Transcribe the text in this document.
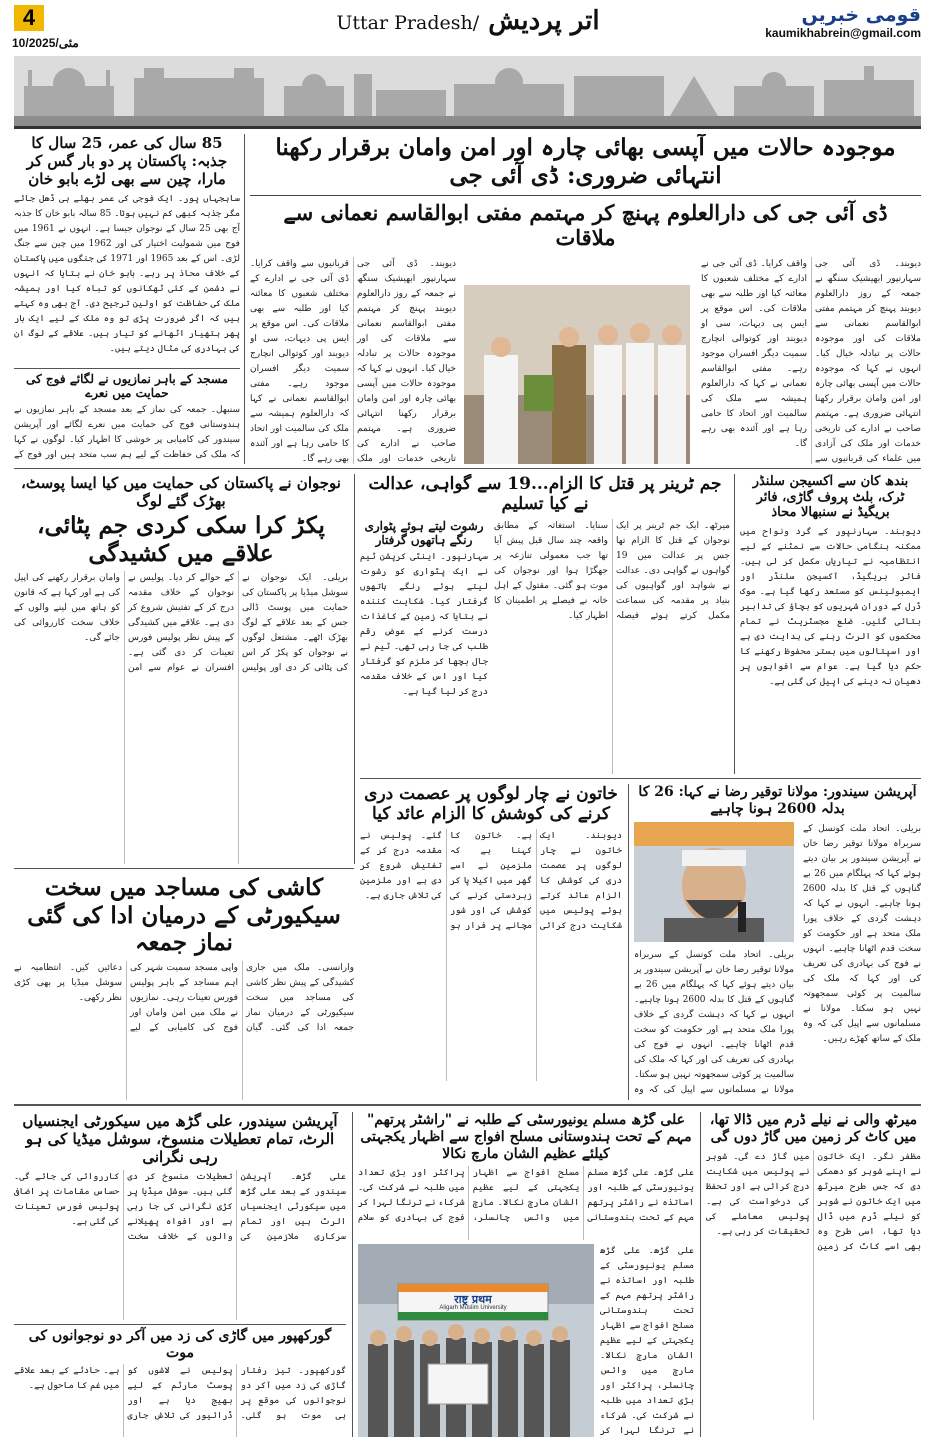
4
10/مئی/2025
Uttar Pradesh/ اتر پردیش	قومی خبریں
kaumikhabrein@gmail.com
موجودہ حالات میں آپسی بھائی چارہ اور امن وامان برقرار رکھنا انتہائی ضروری: ڈی آئی جی
ڈی آئی جی کی دارالعلوم پہنچ کر مہتمم مفتی ابوالقاسم نعمانی سے ملاقات
دیوبند۔ ڈی آئی جی سہارنپور ابھیشیک سنگھ نے جمعہ کے روز دارالعلوم دیوبند پہنچ کر مہتمم مفتی ابوالقاسم نعمانی سے ملاقات کی اور موجودہ حالات پر تبادلہ خیال کیا۔ انہوں نے کہا کہ موجودہ حالات میں آپسی بھائی چارہ اور امن وامان برقرار رکھنا انتہائی ضروری ہے۔ مہتمم صاحب نے ادارے کی تاریخی خدمات اور ملک کی آزادی میں علماء کی قربانیوں سے واقف کرایا۔ ڈی آئی جی نے ادارے کے مختلف شعبوں کا معائنہ کیا اور طلبہ سے بھی ملاقات کی۔ اس موقع پر ایس پی دیہات، سی او دیوبند اور کوتوالی انچارج سمیت دیگر افسران موجود رہے۔ مفتی ابوالقاسم نعمانی نے کہا کہ دارالعلوم ہمیشہ سے ملک کی سالمیت اور اتحاد کا حامی رہا ہے اور آئندہ بھی رہے گا۔
دیوبند۔ ڈی آئی جی سہارنپور ابھیشیک سنگھ نے جمعہ کے روز دارالعلوم دیوبند پہنچ کر مہتمم مفتی ابوالقاسم نعمانی سے ملاقات کی اور موجودہ حالات پر تبادلہ خیال کیا۔ انہوں نے کہا کہ موجودہ حالات میں آپسی بھائی چارہ اور امن وامان برقرار رکھنا انتہائی ضروری ہے۔ مہتمم صاحب نے ادارے کی تاریخی خدمات اور ملک قربانیوں سے واقف کرایا۔ ڈی آئی جی نے ادارے کے مختلف شعبوں کا معائنہ کیا اور طلبہ سے بھی ملاقات کی۔ اس موقع پر ایس پی دیہات، سی او دیوبند اور کوتوالی انچارج سمیت دیگر افسران موجود رہے۔ مفتی ابوالقاسم نعمانی نے کہا کہ دارالعلوم ہمیشہ سے ملک کی سالمیت اور اتحاد کا حامی رہا ہے اور آئندہ بھی رہے گا۔
85 سال کی عمر، 25 سال کا جذبہ: پاکستان پر دو بار گس کر مارا، چین سے بھی لڑے بابو خان
ساہجہاں پور۔ ایک فوجی کی عمر بھلے ہی ڈھل جائے مگر جذبہ کبھی کم نہیں ہوتا۔ 85 سالہ بابو خان کا جذبہ آج بھی 25 سال کے نوجوان جیسا ہے۔ انہوں نے 1961 میں فوج میں شمولیت اختیار کی اور 1962 میں چین سے جنگ لڑی۔ اس کے بعد 1965 اور 1971 کی جنگوں میں پاکستان کے خلاف محاذ پر رہے۔ بابو خان نے بتایا کہ انہوں نے دشمن کے کئی ٹھکانوں کو تباہ کیا اور ہمیشہ ملک کی حفاظت کو اولین ترجیح دی۔ آج بھی وہ کہتے ہیں کہ اگر ضرورت پڑی تو وہ ملک کے لیے ایک بار پھر ہتھیار اٹھانے کو تیار ہیں۔ علاقے کے لوگ ان کی بہادری کی مثال دیتے ہیں۔
مسجد کے باہر نمازیوں نے لگائے فوج کی حمایت میں نعرے
سنبھل۔ جمعہ کی نماز کے بعد مسجد کے باہر نمازیوں نے ہندوستانی فوج کی حمایت میں نعرے لگائے اور آپریشن سیندور کی کامیابی پر خوشی کا اظہار کیا۔ لوگوں نے کہا کہ ملک کی حفاظت کے لیے ہم سب متحد ہیں اور فوج کے
بندھ کان سے آکسیجن سلنڈر ٹرک، بلٹ پروف گاڑی، فائر بریگیڈ نے سنبھالا محاذ
دیوبند۔ سہارنپور کے گرد ونواح میں ممکنہ ہنگامی حالات سے نمٹنے کے لیے انتظامیہ نے تیاریاں مکمل کر لی ہیں۔ فائر بریگیڈ، آکسیجن سلنڈر اور ایمبولینس کو مستعد رکھا گیا ہے۔ موک ڈرل کے دوران شہریوں کو بچاؤ کی تدابیر بتائی گئیں۔ ضلع مجسٹریٹ نے تمام محکموں کو الرٹ رہنے کی ہدایت دی ہے اور اسپتالوں میں بستر محفوظ رکھنے کا حکم دیا گیا ہے۔ عوام سے افواہوں پر دھیان نہ دینے کی اپیل کی گئی ہے۔
جم ٹرینر پر قتل کا الزام...19 سے گواہی، عدالت نے کیا تسلیم
میرٹھ۔ ایک جم ٹرینر پر ایک نوجوان کے قتل کا الزام تھا جس پر عدالت میں 19 گواہوں نے گواہی دی۔ عدالت نے شواہد اور گواہیوں کی بنیاد پر مقدمہ کی سماعت مکمل کرتے ہوئے فیصلہ سنایا۔ استغاثہ کے مطابق واقعہ چند سال قبل پیش آیا تھا جب معمولی تنازعہ پر جھگڑا ہوا اور نوجوان کی موت ہو گئی۔ مقتول کے اہل خانہ نے فیصلے پر اطمینان کا اظہار کیا۔
رشوت لیتے ہوئے پٹواری رنگے ہاتھوں گرفتار
سہارنپور۔ اینٹی کرپشن ٹیم نے ایک پٹواری کو رشوت لیتے ہوئے رنگے ہاتھوں گرفتار کیا۔ شکایت کنندہ نے بتایا کہ زمین کے کاغذات درست کرنے کے عوض رقم طلب کی جا رہی تھی۔ ٹیم نے جال بچھا کر ملزم کو گرفتار کیا اور اس کے خلاف مقدمہ درج کر لیا گیا ہے۔
نوجوان نے پاکستان کی حمایت میں کیا ایسا پوسٹ، بھڑک گئے لوگ
پکڑ کرا سکی کردی جم پٹائی، علاقے میں کشیدگی
بریلی۔ ایک نوجوان نے سوشل میڈیا پر پاکستان کی حمایت میں پوسٹ ڈالی جس کے بعد علاقے کے لوگ بھڑک اٹھے۔ مشتعل لوگوں نے نوجوان کو پکڑ کر اس کی پٹائی کر دی اور پولیس کے حوالے کر دیا۔ پولیس نے نوجوان کے خلاف مقدمہ درج کر کے تفتیش شروع کر دی ہے۔ علاقے میں کشیدگی کے پیش نظر پولیس فورس تعینات کر دی گئی ہے۔ افسران نے عوام سے امن وامان برقرار رکھنے کی اپیل کی ہے اور کہا ہے کہ قانون کو ہاتھ میں لینے والوں کے خلاف سخت کارروائی کی جائے گی۔
آپریشن سیندور: مولانا توقیر رضا نے کہا: 26 کا بدلہ 2600 ہونا چاہیے
بریلی۔ اتحاد ملت کونسل کے سربراہ مولانا توقیر رضا خان نے آپریشن سیندور پر بیان دیتے ہوئے کہا کہ پہلگام میں 26 بے گناہوں کے قتل کا بدلہ 2600 ہونا چاہیے۔ انہوں نے کہا کہ دہشت گردی کے خلاف پورا ملک متحد ہے اور حکومت کو سخت قدم اٹھانا چاہیے۔ انہوں نے فوج کی بہادری کی تعریف کی اور کہا کہ ملک کی سالمیت پر کوئی سمجھوتہ نہیں ہو سکتا۔ مولانا نے مسلمانوں سے اپیل کی کہ وہ ملک کے ساتھ کھڑے رہیں۔
بریلی۔ اتحاد ملت کونسل کے سربراہ مولانا توقیر رضا خان نے آپریشن سیندور پر بیان دیتے ہوئے کہا کہ پہلگام میں 26 بے گناہوں کے قتل کا بدلہ 2600 ہونا چاہیے۔ انہوں نے کہا کہ دہشت گردی کے خلاف پورا ملک متحد ہے اور حکومت کو سخت قدم اٹھانا چاہیے۔ انہوں نے فوج کی بہادری کی تعریف کی اور کہا کہ ملک کی سالمیت پر کوئی سمجھوتہ نہیں ہو سکتا۔ مولانا نے مسلمانوں سے اپیل کی کہ وہ
خاتون نے چار لوگوں پر عصمت دری کرنے کی کوشش کا الزام عائد کیا
دیوبند۔ ایک خاتون نے چار لوگوں پر عصمت دری کی کوشش کا الزام عائد کرتے ہوئے پولیس میں شکایت درج کرائی ہے۔ خاتون کا کہنا ہے کہ ملزمین نے اسے گھر میں اکیلا پا کر زبردستی کرنے کی کوشش کی اور شور مچانے پر فرار ہو گئے۔ پولیس نے مقدمہ درج کر کے تفتیش شروع کر دی ہے اور ملزمین کی تلاش جاری ہے۔
کاشی کی مساجد میں سخت سیکیورٹی کے درمیان ادا کی گئی نماز جمعہ
وارانسی۔ ملک میں جاری کشیدگی کے پیش نظر کاشی کی مساجد میں سخت سیکیورٹی کے درمیان نماز جمعہ ادا کی گئی۔ گیان واپی مسجد سمیت شہر کی اہم مساجد کے باہر پولیس فورس تعینات رہی۔ نمازیوں نے ملک میں امن وامان اور فوج کی کامیابی کے لیے دعائیں کیں۔ انتظامیہ نے سوشل میڈیا پر بھی کڑی نظر رکھی۔
میرٹھ والی نے نیلے ڈرم میں ڈالا تھا، میں کاٹ کر زمین میں گاڑ دوں گی
مظفر نگر۔ ایک خاتون نے اپنے شوہر کو دھمکی دی کہ جس طرح میرٹھ میں ایک خاتون نے شوہر کو نیلے ڈرم میں ڈال دیا تھا، اسی طرح وہ بھی اسے کاٹ کر زمین میں گاڑ دے گی۔ شوہر نے پولیس میں شکایت درج کرائی ہے اور تحفظ کی درخواست کی ہے۔ پولیس معاملے کی تحقیقات کر رہی ہے۔
علی گڑھ مسلم یونیورسٹی کے طلبہ نے "راشٹر پرتھم" مہم کے تحت ہندوستانی مسلح افواج سے اظہار یکجہتی کیلئے عظیم الشان مارچ نکالا
علی گڑھ۔ علی گڑھ مسلم یونیورسٹی کے طلبہ اور اساتذہ نے راشٹر پرتھم مہم کے تحت ہندوستانی مسلح افواج سے اظہار یکجہتی کے لیے عظیم الشان مارچ نکالا۔ مارچ میں وائس چانسلر، پراکٹر اور بڑی تعداد میں طلبہ نے شرکت کی۔ شرکاء نے ترنگا لہرا کر فوج کی بہادری کو سلام
राष्ट्र प्रथम
Aligarh Muslim University
علی گڑھ۔ علی گڑھ مسلم یونیورسٹی کے طلبہ اور اساتذہ نے راشٹر پرتھم مہم کے تحت ہندوستانی مسلح افواج سے اظہار یکجہتی کے لیے عظیم الشان مارچ نکالا۔ مارچ میں وائس چانسلر، پراکٹر اور بڑی تعداد میں طلبہ نے شرکت کی۔ شرکاء نے ترنگا لہرا کر
آپریشن سیندور، علی گڑھ میں سیکورٹی ایجنسیاں الرٹ، تمام تعطیلات منسوخ، سوشل میڈیا کی ہو رہی نگرانی
علی گڑھ۔ آپریشن سیندور کے بعد علی گڑھ میں سیکورٹی ایجنسیاں الرٹ ہیں اور تمام سرکاری ملازمین کی تعطیلات منسوخ کر دی گئی ہیں۔ سوشل میڈیا پر کڑی نگرانی کی جا رہی ہے اور افواہ پھیلانے والوں کے خلاف سخت کارروائی کی جائے گی۔ حساس مقامات پر اضافی پولیس فورس تعینات کی گئی ہے۔
گورکھپور میں گاڑی کی زد میں آکر دو نوجوانوں کی موت
گورکھپور۔ تیز رفتار گاڑی کی زد میں آکر دو نوجوانوں کی موقع پر ہی موت ہو گئی۔ پولیس نے لاشوں کو پوسٹ مارٹم کے لیے بھیج دیا ہے اور ڈرائیور کی تلاش جاری ہے۔ حادثے کے بعد علاقے میں غم کا ماحول ہے۔
